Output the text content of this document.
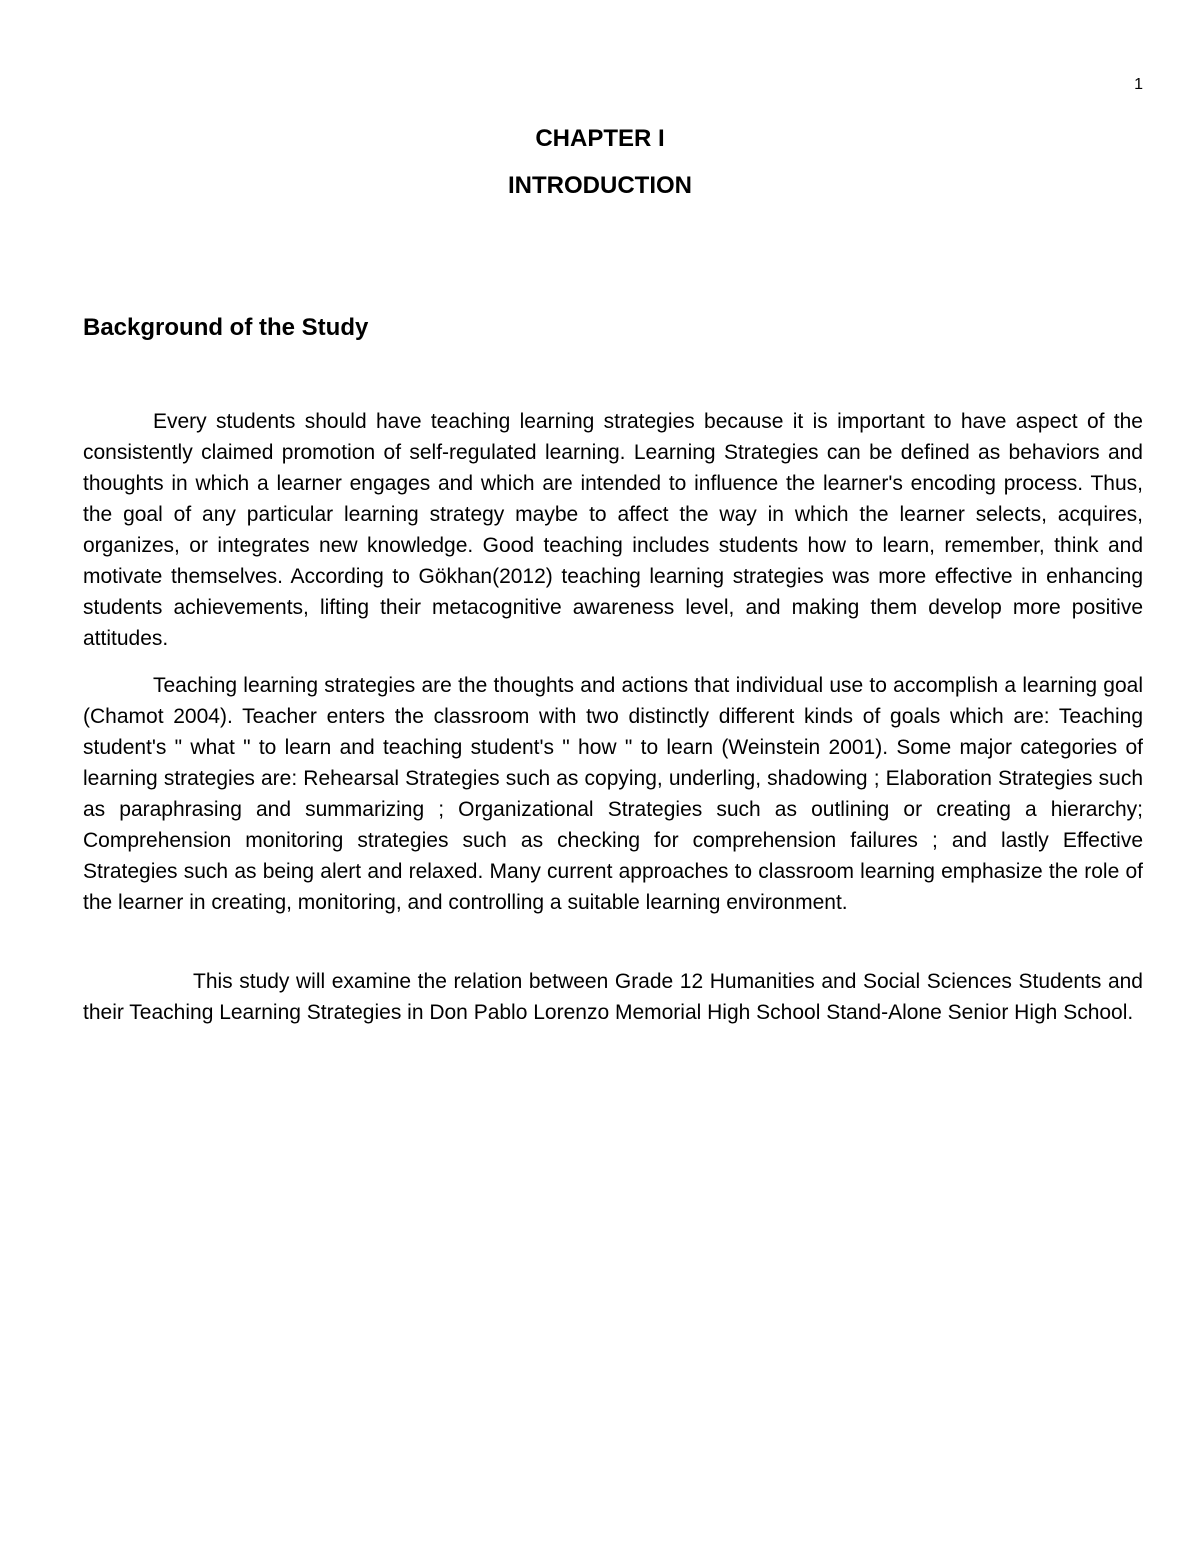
1
CHAPTER I
INTRODUCTION
Background of the Study

Every students should have teaching learning strategies because it is important to have aspect of the consistently claimed promotion of self-regulated learning. Learning Strategies can be defined as behaviors and thoughts in which a learner engages and which are intended to influence the learner's encoding process. Thus, the goal of any particular learning strategy maybe to affect the way in which the learner selects, acquires, organizes, or integrates new knowledge. Good teaching includes students how to learn, remember, think and motivate themselves. According to Gökhan(2012) teaching learning strategies was more effective in enhancing students achievements, lifting their metacognitive awareness level, and making them develop more positive attitudes.

Teaching learning strategies are the thoughts and actions that individual use to accomplish a learning goal (Chamot 2004). Teacher enters the classroom with two distinctly different kinds of goals which are: Teaching student's " what " to learn and teaching student's " how " to learn (Weinstein 2001). Some major categories of learning strategies are: Rehearsal Strategies such as copying, underling, shadowing ; Elaboration Strategies such as paraphrasing and summarizing ; Organizational Strategies such as outlining or creating a hierarchy; Comprehension monitoring strategies such as checking for comprehension failures ; and lastly Effective Strategies such as being alert and relaxed. Many current approaches to classroom learning emphasize the role of the learner in creating, monitoring, and controlling a suitable learning environment.

This study will examine the relation between Grade 12 Humanities and Social Sciences Students and their Teaching Learning Strategies in Don Pablo Lorenzo Memorial High School Stand-Alone Senior High School.
